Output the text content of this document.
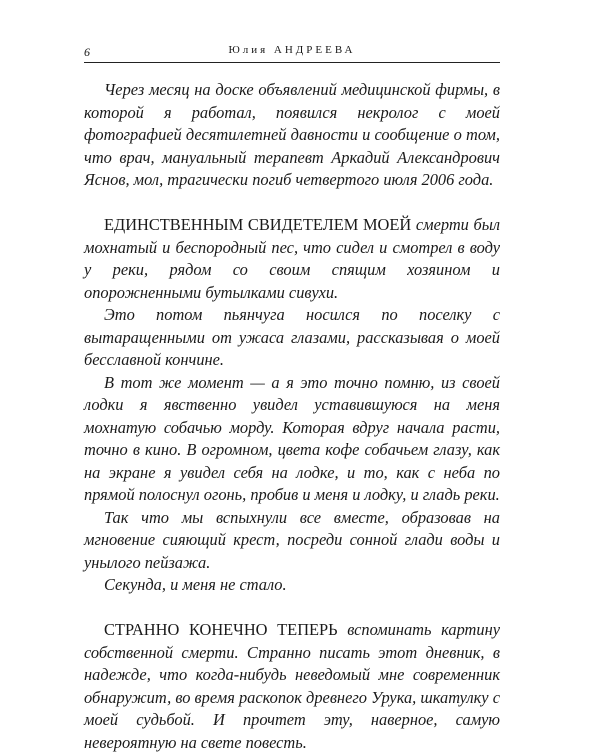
6	Юлия АНДРЕЕВА

Через месяц на доске объявлений медицинской фирмы, в которой я работал, появился некролог с моей фотографией десятилетней давности и сообщение о том, что врач, мануальный терапевт Аркадий Александрович Яснов, мол, трагически погиб четвертого июля 2006 года.

ЕДИНСТВЕННЫМ СВИДЕТЕЛЕМ МОЕЙ смерти был мохнатый и беспородный пес, что сидел и смотрел в воду у реки, рядом со своим спящим хозяином и опорожненными бутылками сивухи.

Это потом пьянчуга носился по поселку с вытаращенными от ужаса глазами, рассказывая о моей бесславной кончине.

В тот же момент — а я это точно помню, из своей лодки я явственно увидел уставившуюся на меня мохнатую собачью морду. Которая вдруг начала расти, точно в кино. В огромном, цвета кофе собачьем глазу, как на экране я увидел себя на лодке, и то, как с неба по прямой полоснул огонь, пробив и меня и лодку, и гладь реки.

Так что мы вспыхнули все вместе, образовав на мгновение сияющий крест, посреди сонной глади воды и унылого пейзажа.

Секунда, и меня не стало.

СТРАННО КОНЕЧНО ТЕПЕРЬ вспоминать картину собственной смерти. Странно писать этот дневник, в надежде, что когда-нибудь неведомый мне современник обнаружит, во время раскопок древнего Урука, шкатулку с моей судьбой. И прочтет эту, наверное, самую невероятную на свете повесть.
